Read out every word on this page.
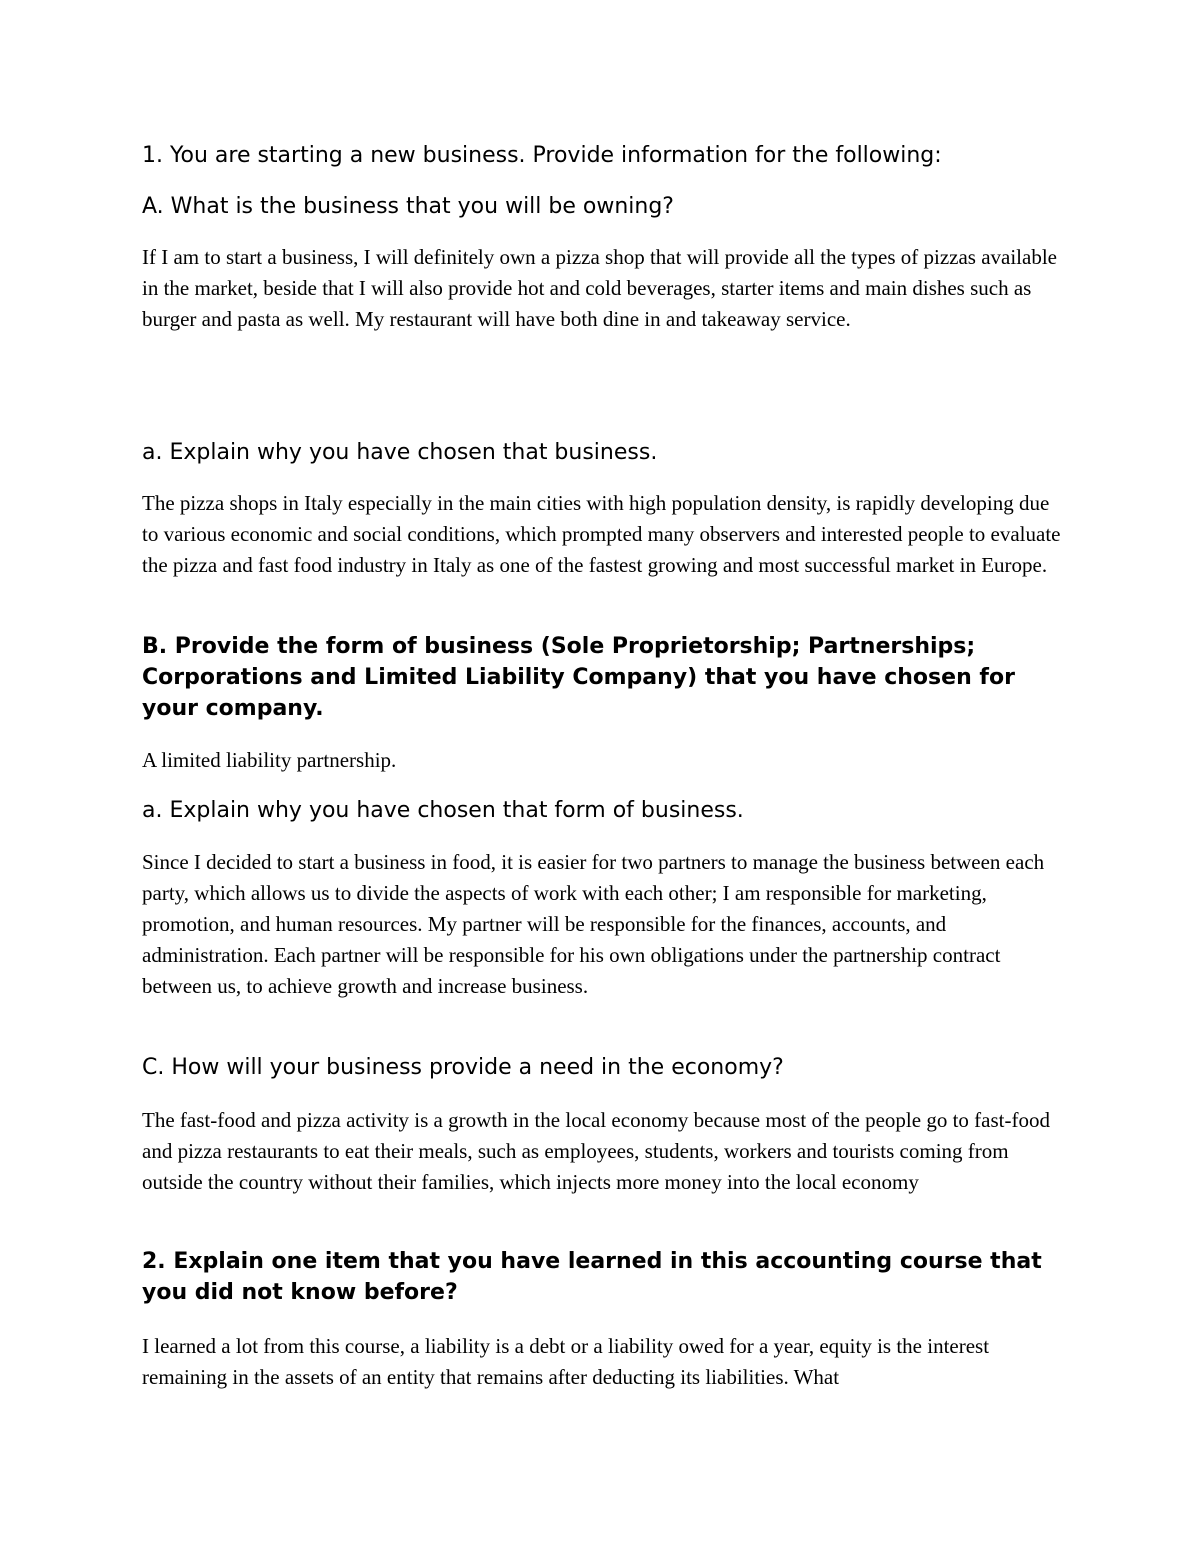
1. You are starting a new business. Provide information for the following:

A. What is the business that you will be owning?

If I am to start a business, I will definitely own a pizza shop that will provide all the types of pizzas available in the market, beside that I will also provide hot and cold beverages, starter items and main dishes such as burger and pasta as well. My restaurant will have both dine in and takeaway service.

a. Explain why you have chosen that business.

The pizza shops in Italy especially in the main cities with high population density, is rapidly developing due to various economic and social conditions, which prompted many observers and interested people to evaluate the pizza and fast food industry in Italy as one of the fastest growing and most successful market in Europe.

B. Provide the form of business (Sole Proprietorship; Partnerships; Corporations and Limited Liability Company) that you have chosen for your company.

A limited liability partnership.

a. Explain why you have chosen that form of business.

Since I decided to start a business in food, it is easier for two partners to manage the business between each party, which allows us to divide the aspects of work with each other; I am responsible for marketing, promotion, and human resources. My partner will be responsible for the finances, accounts, and administration. Each partner will be responsible for his own obligations under the partnership contract between us, to achieve growth and increase business.

C. How will your business provide a need in the economy?

The fast-food and pizza activity is a growth in the local economy because most of the people go to fast-food and pizza restaurants to eat their meals, such as employees, students, workers and tourists coming from outside the country without their families, which injects more money into the local economy

2. Explain one item that you have learned in this accounting course that you did not know before?

I learned a lot from this course, a liability is a debt or a liability owed for a year, equity is the interest remaining in the assets of an entity that remains after deducting its liabilities. What
